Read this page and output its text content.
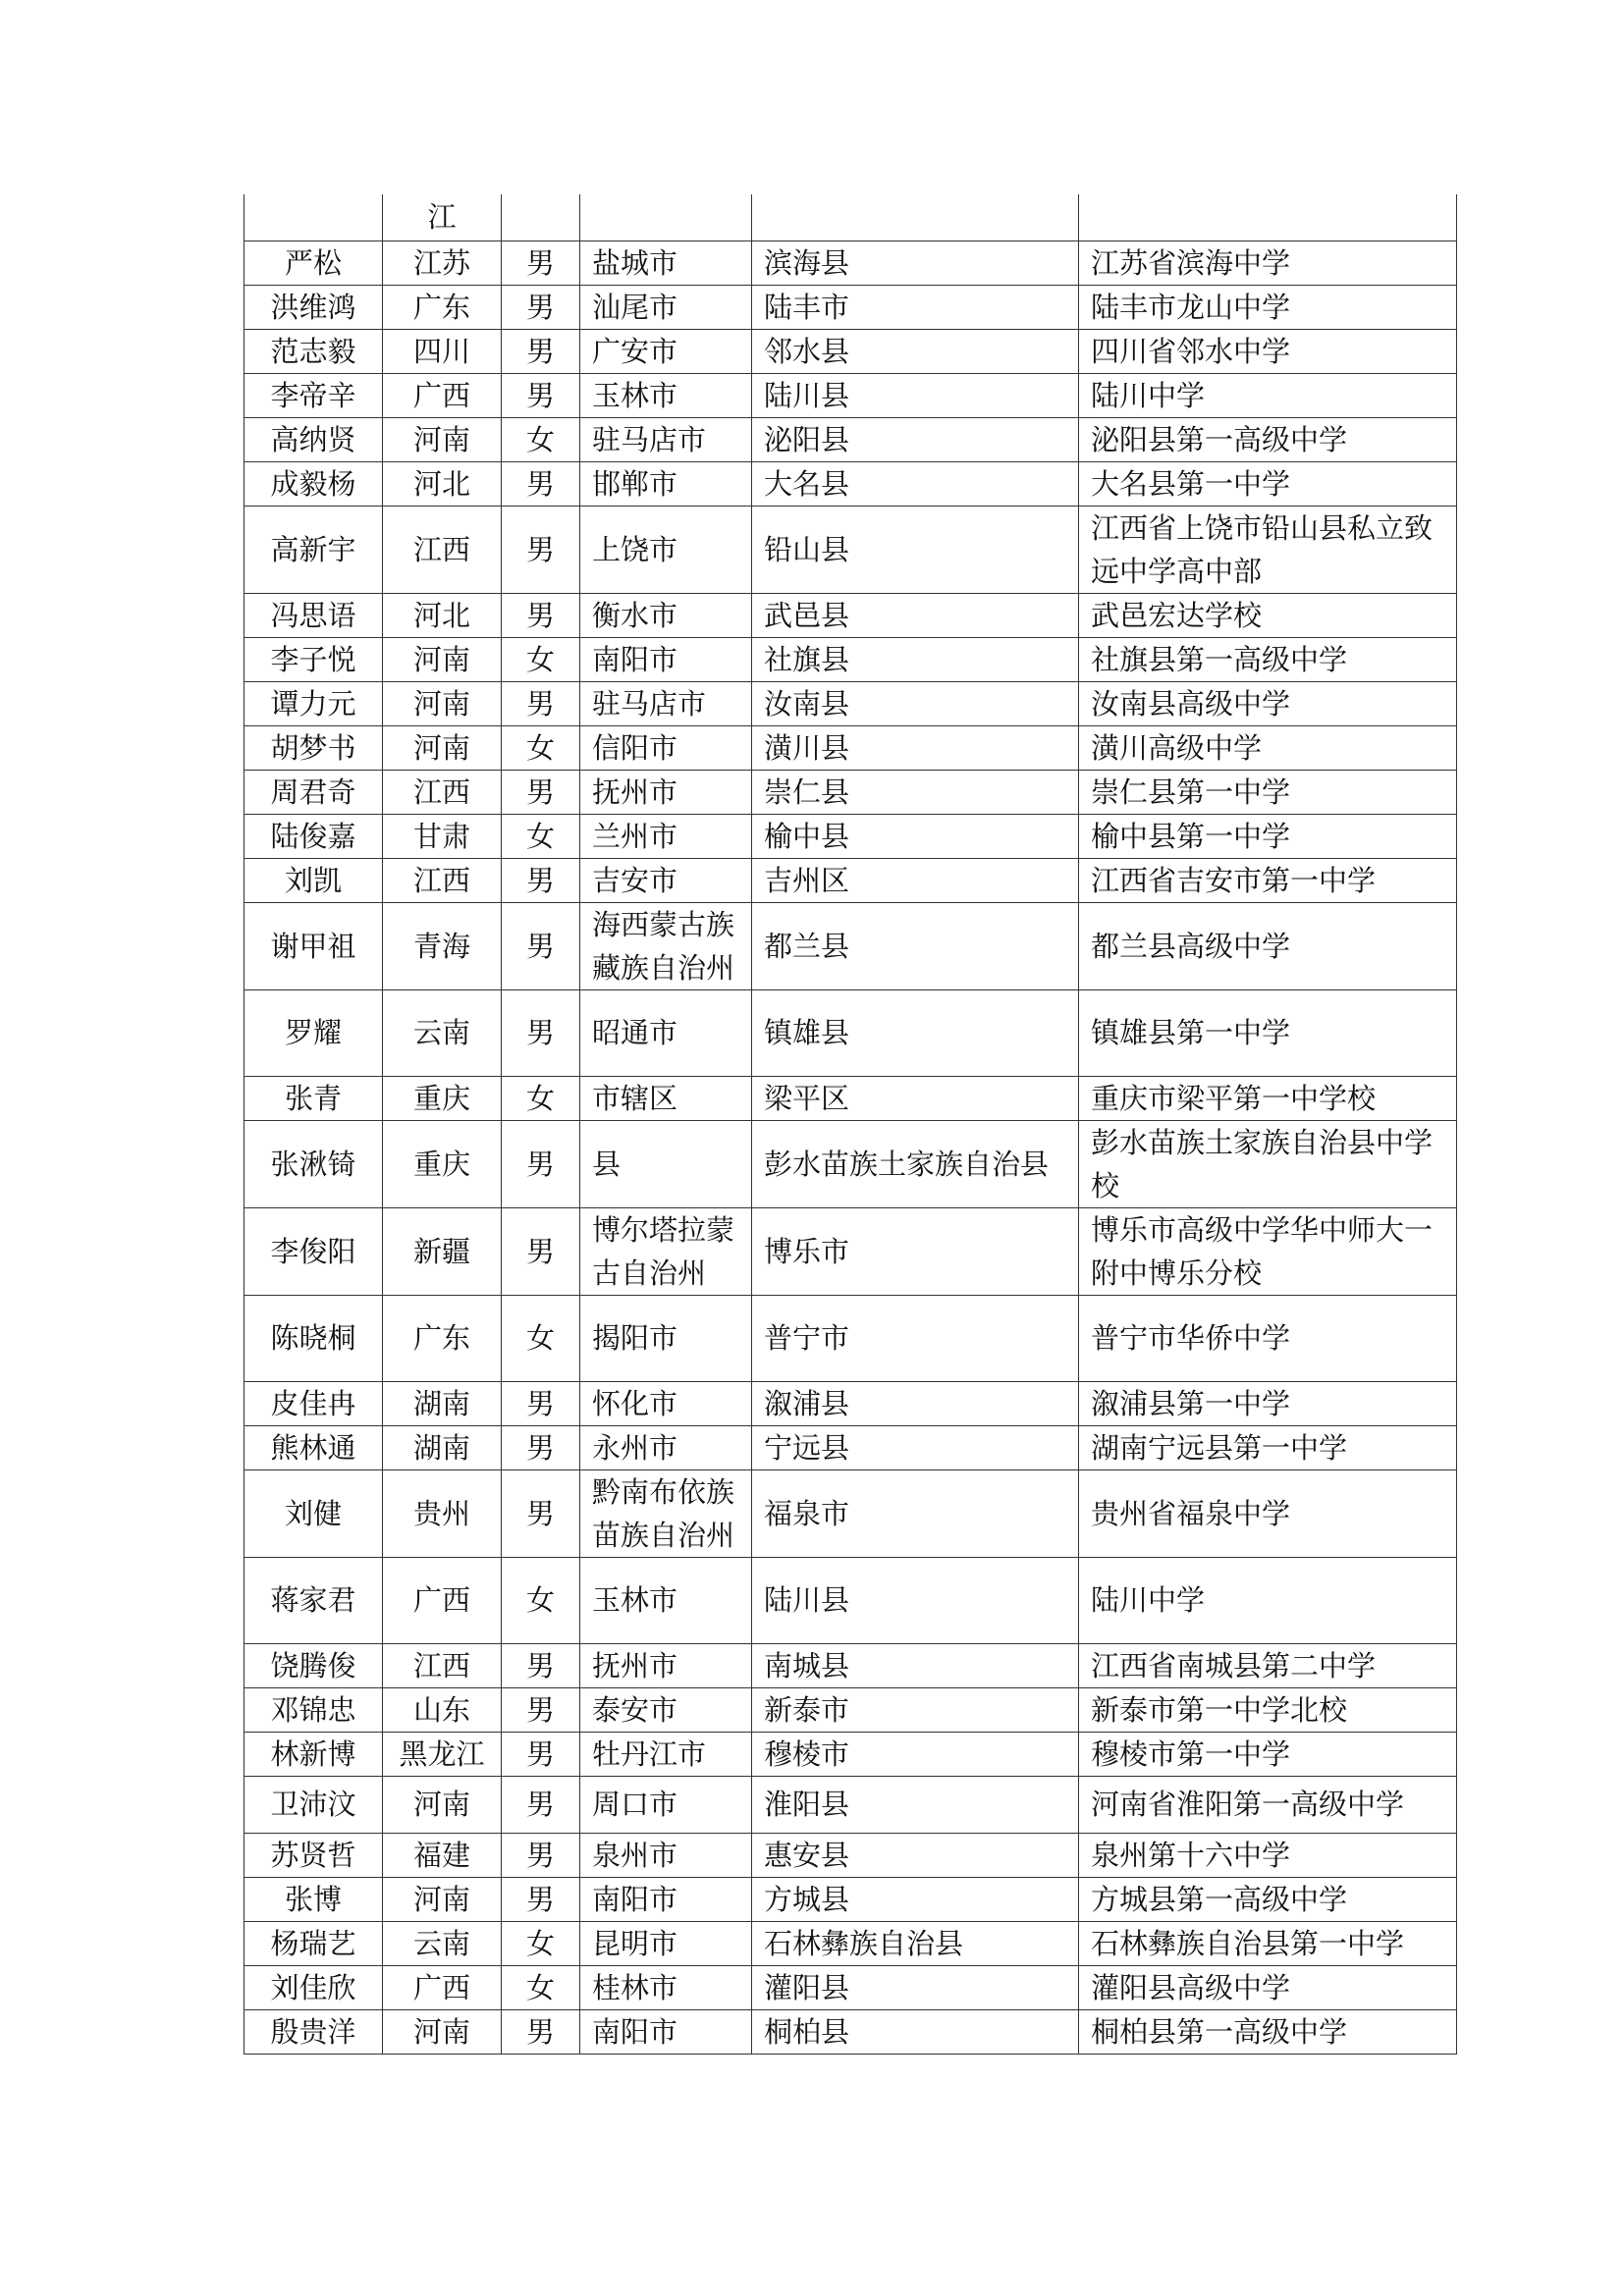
	江				
严松	江苏	男	盐城市	滨海县	江苏省滨海中学
洪维鸿	广东	男	汕尾市	陆丰市	陆丰市龙山中学
范志毅	四川	男	广安市	邻水县	四川省邻水中学
李帝辛	广西	男	玉林市	陆川县	陆川中学
高纳贤	河南	女	驻马店市	泌阳县	泌阳县第一高级中学
成毅杨	河北	男	邯郸市	大名县	大名县第一中学
高新宇	江西	男	上饶市	铅山县	江西省上饶市铅山县私立致远中学高中部
冯思语	河北	男	衡水市	武邑县	武邑宏达学校
李子悦	河南	女	南阳市	社旗县	社旗县第一高级中学
谭力元	河南	男	驻马店市	汝南县	汝南县高级中学
胡梦书	河南	女	信阳市	潢川县	潢川高级中学
周君奇	江西	男	抚州市	崇仁县	崇仁县第一中学
陆俊嘉	甘肃	女	兰州市	榆中县	榆中县第一中学
刘凯	江西	男	吉安市	吉州区	江西省吉安市第一中学
谢甲祖	青海	男	海西蒙古族藏族自治州	都兰县	都兰县高级中学
罗耀	云南	男	昭通市	镇雄县	镇雄县第一中学
张青	重庆	女	市辖区	梁平区	重庆市梁平第一中学校
张湫锜	重庆	男	县	彭水苗族土家族自治县	彭水苗族土家族自治县中学校
李俊阳	新疆	男	博尔塔拉蒙古自治州	博乐市	博乐市高级中学华中师大一附中博乐分校
陈晓桐	广东	女	揭阳市	普宁市	普宁市华侨中学
皮佳冉	湖南	男	怀化市	溆浦县	溆浦县第一中学
熊林通	湖南	男	永州市	宁远县	湖南宁远县第一中学
刘健	贵州	男	黔南布依族苗族自治州	福泉市	贵州省福泉中学
蒋家君	广西	女	玉林市	陆川县	陆川中学
饶腾俊	江西	男	抚州市	南城县	江西省南城县第二中学
邓锦忠	山东	男	泰安市	新泰市	新泰市第一中学北校
林新博	黑龙江	男	牡丹江市	穆棱市	穆棱市第一中学
卫沛汶	河南	男	周口市	淮阳县	河南省淮阳第一高级中学
苏贤哲	福建	男	泉州市	惠安县	泉州第十六中学
张博	河南	男	南阳市	方城县	方城县第一高级中学
杨瑞艺	云南	女	昆明市	石林彝族自治县	石林彝族自治县第一中学
刘佳欣	广西	女	桂林市	灌阳县	灌阳县高级中学
殷贵洋	河南	男	南阳市	桐柏县	桐柏县第一高级中学
